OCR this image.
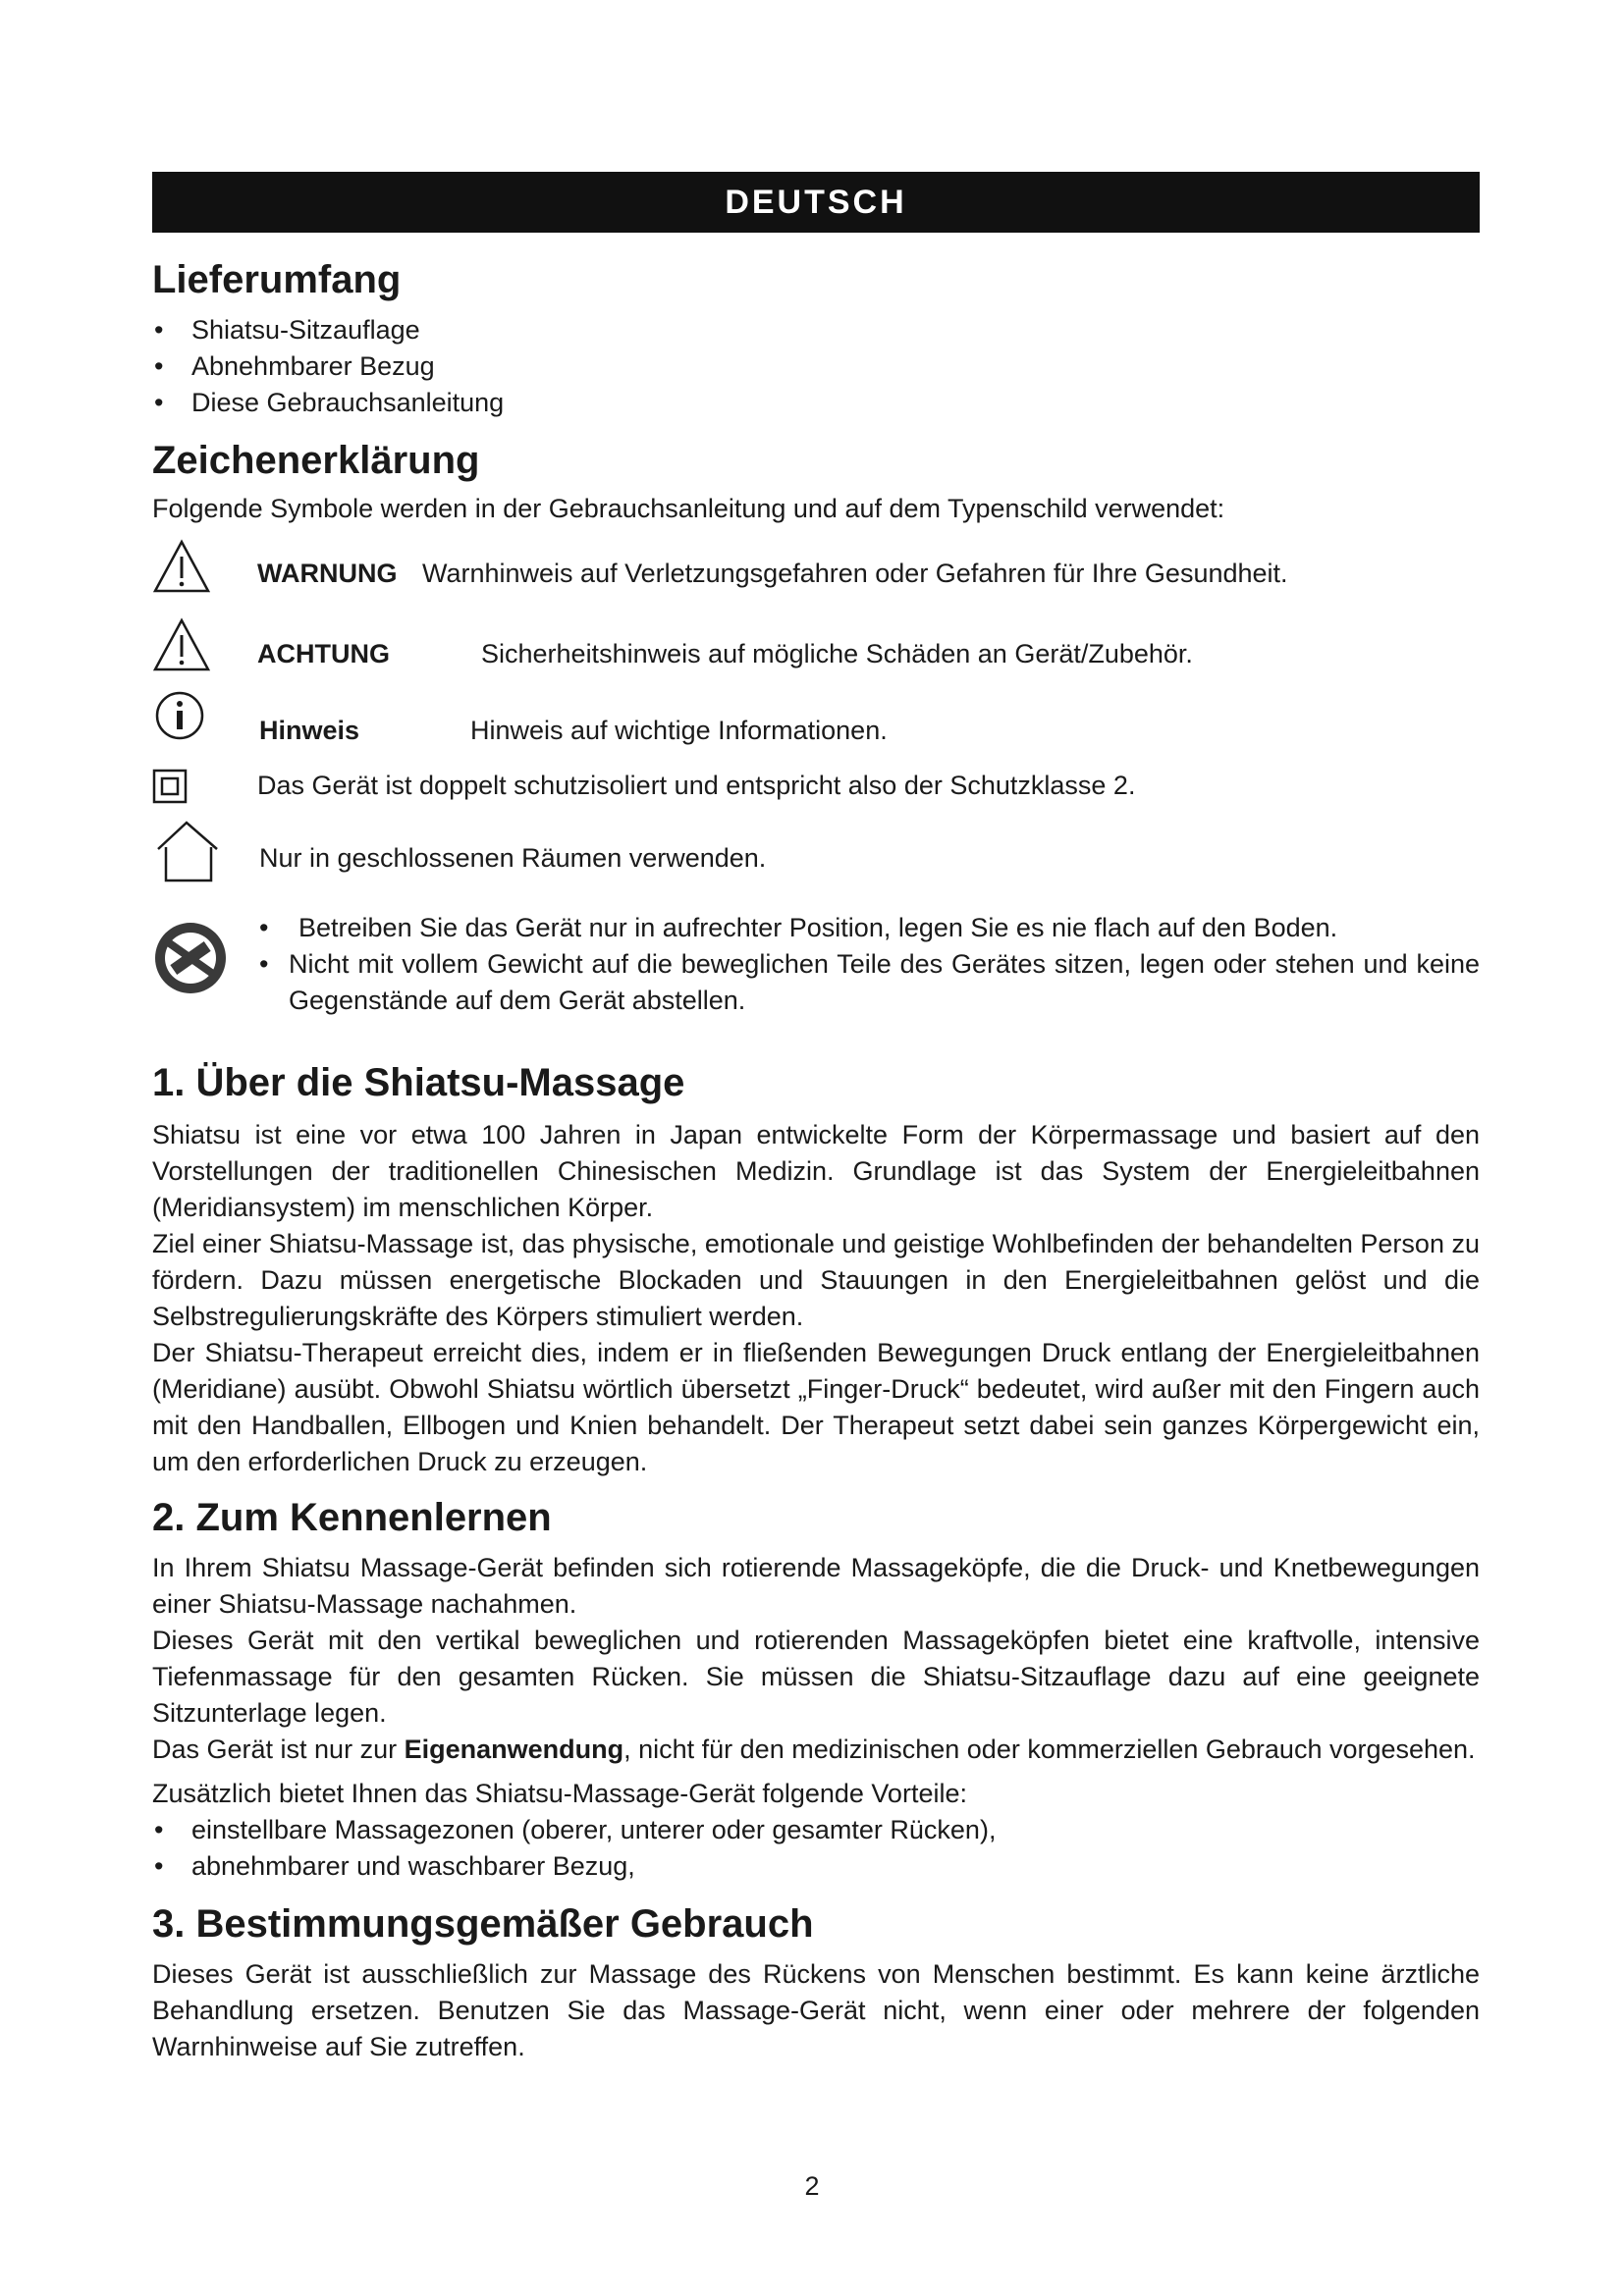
DEUTSCH
Lieferumfang
• Shiatsu-Sitzauflage
• Abnehmbarer Bezug
• Diese Gebrauchsanleitung
Zeichenerklärung

Folgende Symbole werden in der Gebrauchsanleitung und auf dem Typenschild verwendet:

WARNUNG Warnhinweis auf Verletzungsgefahren oder Gefahren für Ihre Gesundheit.
ACHTUNG	Sicherheitshinweis auf mögliche Schäden an Gerät/Zubehör.
Hinweis	Hinweis auf wichtige Informationen.
Das Gerät ist doppelt schutzisoliert und entspricht also der Schutzklasse 2.
Nur in geschlossenen Räumen verwenden.
• Betreiben Sie das Gerät nur in aufrechter Position, legen Sie es nie flach auf den Boden.
• Nicht mit vollem Gewicht auf die beweglichen Teile des Gerätes sitzen, legen oder stehen und keine Gegenstände auf dem Gerät abstellen.
1. Über die Shiatsu-Massage

Shiatsu ist eine vor etwa 100 Jahren in Japan entwickelte Form der Körpermassage und basiert auf den Vorstellungen der traditionellen Chinesischen Medizin. Grundlage ist das System der Energieleitbahnen (Meridiansystem) im menschlichen Körper.

Ziel einer Shiatsu-Massage ist, das physische, emotionale und geistige Wohlbefinden der behandelten Person zu fördern. Dazu müssen energetische Blockaden und Stauungen in den Energieleitbahnen gelöst und die Selbstregulierungskräfte des Körpers stimuliert werden.

Der Shiatsu-Therapeut erreicht dies, indem er in fließenden Bewegungen Druck entlang der Energieleitbahnen (Meridiane) ausübt. Obwohl Shiatsu wörtlich übersetzt „Finger-Druck“ bedeutet, wird außer mit den Fingern auch mit den Handballen, Ellbogen und Knien behandelt. Der Therapeut setzt dabei sein ganzes Körpergewicht ein, um den erforderlichen Druck zu erzeugen.

2. Zum Kennenlernen

In Ihrem Shiatsu Massage-Gerät befinden sich rotierende Massageköpfe, die die Druck- und Knetbewegungen einer Shiatsu-Massage nachahmen.

Dieses Gerät mit den vertikal beweglichen und rotierenden Massageköpfen bietet eine kraftvolle, intensive Tiefenmassage für den gesamten Rücken. Sie müssen die Shiatsu-Sitzauflage dazu auf eine geeignete Sitzunterlage legen.

Das Gerät ist nur zur Eigenanwendung, nicht für den medizinischen oder kommerziellen Gebrauch vorgesehen.

Zusätzlich bietet Ihnen das Shiatsu-Massage-Gerät folgende Vorteile:

• einstellbare Massagezonen (oberer, unterer oder gesamter Rücken),
• abnehmbarer und waschbarer Bezug,
3. Bestimmungsgemäßer Gebrauch

Dieses Gerät ist ausschließlich zur Massage des Rückens von Menschen bestimmt. Es kann keine ärztliche Behandlung ersetzen. Benutzen Sie das Massage-Gerät nicht, wenn einer oder mehrere der folgenden Warnhinweise auf Sie zutreffen.

2
